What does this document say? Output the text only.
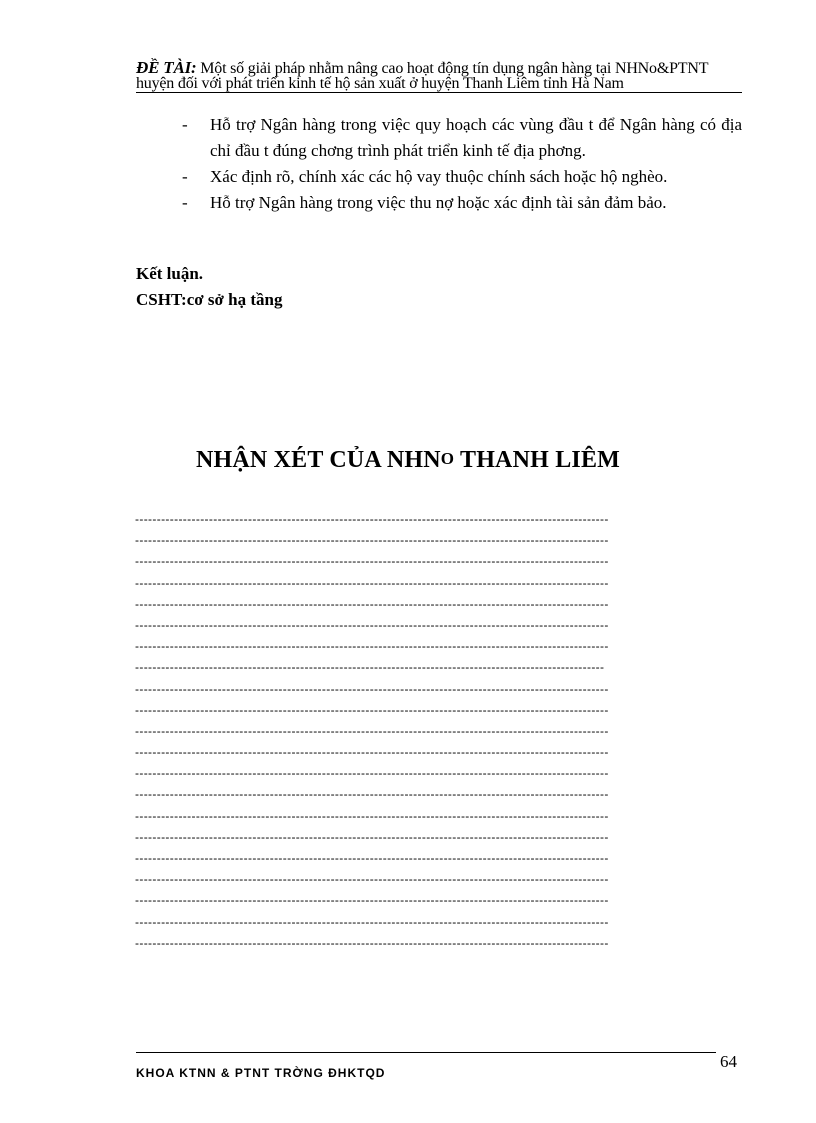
ĐỀ TÀI: Một số giải pháp nhằm nâng cao hoạt động tín dụng ngân hàng tại NHNo&PTNT huyện đối với phát triển kinh tế hộ sản xuất ở huyện Thanh Liêm tỉnh Hà Nam
- Hỗ trợ Ngân hàng trong việc quy hoạch các vùng đầu t để Ngân hàng có địa chỉ đầu t đúng chơng trình phát triển kinh tế địa phơng.
- Xác định rõ, chính xác các hộ vay thuộc chính sách hoặc hộ nghèo.
- Hỗ trợ Ngân hàng trong việc thu nợ hoặc xác định tài sản đảm bảo.
Kết luận.
CSHT:cơ sở hạ tầng
NHẬN XÉT CỦA NHNO THANH LIÊM
-------------------------------------------------------------------------------------------------------------
-------------------------------------------------------------------------------------------------------------
-------------------------------------------------------------------------------------------------------------
-------------------------------------------------------------------------------------------------------------
-------------------------------------------------------------------------------------------------------------
-------------------------------------------------------------------------------------------------------------
-------------------------------------------------------------------------------------------------------------
------------------------------------------------------------------------------------------------------------
-------------------------------------------------------------------------------------------------------------
-------------------------------------------------------------------------------------------------------------
-------------------------------------------------------------------------------------------------------------
-------------------------------------------------------------------------------------------------------------
-------------------------------------------------------------------------------------------------------------
-------------------------------------------------------------------------------------------------------------
-------------------------------------------------------------------------------------------------------------
-------------------------------------------------------------------------------------------------------------
-------------------------------------------------------------------------------------------------------------
-------------------------------------------------------------------------------------------------------------
-------------------------------------------------------------------------------------------------------------
-------------------------------------------------------------------------------------------------------------
-------------------------------------------------------------------------------------------------------------
KHOA KTNN & PTNT TRỜNG ĐHKTQD
64
